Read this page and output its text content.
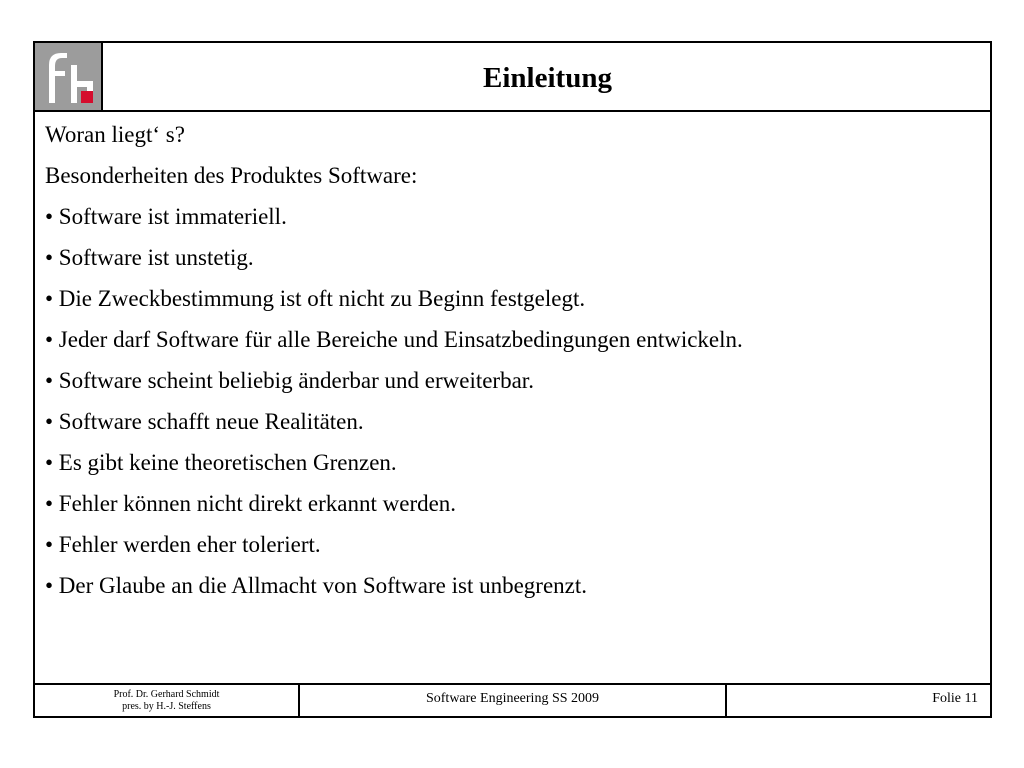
Einleitung
Woran liegt‘ s?
Besonderheiten des Produktes Software:
• Software ist immateriell.
• Software ist unstetig.
• Die Zweckbestimmung ist oft nicht zu Beginn festgelegt.
• Jeder darf Software für alle Bereiche und Einsatzbedingungen entwickeln.
• Software scheint beliebig änderbar und erweiterbar.
• Software schafft neue Realitäten.
• Es gibt keine theoretischen Grenzen.
• Fehler können nicht direkt erkannt werden.
• Fehler werden eher toleriert.
• Der Glaube an die Allmacht von Software ist unbegrenzt.
Prof. Dr. Gerhard Schmidt
pres. by H.-J. Steffens
Software Engineering SS 2009	Folie 11
